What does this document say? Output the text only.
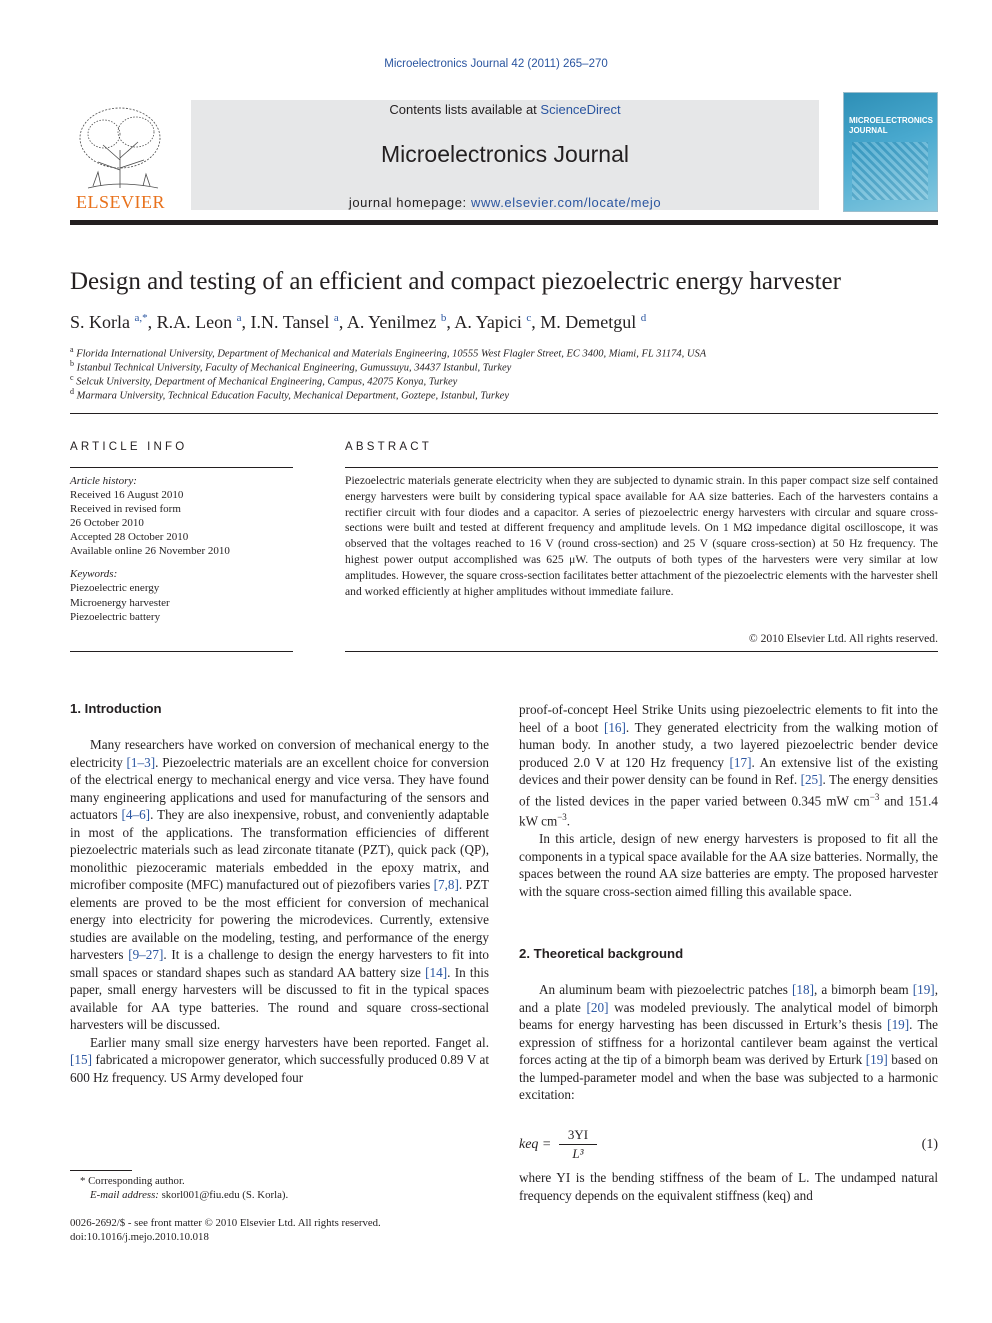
Microelectronics Journal 42 (2011) 265–270
ELSEVIER
Contents lists available at ScienceDirect
Microelectronics Journal
journal homepage: www.elsevier.com/locate/mejo
MICROELECTRONICS
JOURNAL
Design and testing of an efficient and compact piezoelectric energy harvester
S. Korla $^{a,*}$, R.A. Leon $^a$, I.N. Tansel $^a$, A. Yenilmez $^b$, A. Yapici $^c$, M. Demetgul $^d$
$^a$ Florida International University, Department of Mechanical and Materials Engineering, 10555 West Flagler Street, EC 3400, Miami, FL 31174, USA
$^b$ Istanbul Technical University, Faculty of Mechanical Engineering, Gumussuyu, 34437 Istanbul, Turkey
$^c$ Selcuk University, Department of Mechanical Engineering, Campus, 42075 Konya, Turkey
$^d$ Marmara University, Technical Education Faculty, Mechanical Department, Goztepe, Istanbul, Turkey
ARTICLE INFO
Article history:
Received 16 August 2010
Received in revised form
26 October 2010
Accepted 28 October 2010
Available online 26 November 2010
Keywords:
Piezoelectric energy
Microenergy harvester
Piezoelectric battery
ABSTRACT
Piezoelectric materials generate electricity when they are subjected to dynamic strain. In this paper compact size self contained energy harvesters were built by considering typical space available for AA size batteries. Each of the harvesters contains a rectifier circuit with four diodes and a capacitor. A series of piezoelectric energy harvesters with circular and square cross-sections were built and tested at different frequency and amplitude levels. On 1 MΩ impedance digital oscilloscope, it was observed that the voltages reached to 16 V (round cross-section) and 25 V (square cross-section) at 50 Hz frequency. The highest power output accomplished was 625 μW. The outputs of both types of the harvesters were very similar at low amplitudes. However, the square cross-section facilitates better attachment of the piezoelectric elements with the harvester shell and worked efficiently at higher amplitudes without immediate failure.
© 2010 Elsevier Ltd. All rights reserved.
1. Introduction

Many researchers have worked on conversion of mechanical energy to the electricity [1–3]. Piezoelectric materials are an excellent choice for conversion of the electrical energy to mechanical energy and vice versa. They have found many engineering applications and used for manufacturing of the sensors and actuators [4–6]. They are also inexpensive, robust, and conveniently adaptable in most of the applications. The transformation efficiencies of different piezoelectric materials such as lead zirconate titanate (PZT), quick pack (QP), monolithic piezoceramic materials embedded in the epoxy matrix, and microfiber composite (MFC) manufactured out of piezofibers varies [7,8]. PZT elements are proved to be the most efficient for conversion of mechanical energy into electricity for powering the microdevices. Currently, extensive studies are available on the modeling, testing, and performance of the energy harvesters [9–27]. It is a challenge to design the energy harvesters to fit into small spaces or standard shapes such as standard AA battery size [14]. In this paper, small energy harvesters will be discussed to fit in the typical spaces available for AA type batteries. The round and square cross-sectional harvesters will be discussed.

Earlier many small size energy harvesters have been reported. Fanget al. [15] fabricated a micropower generator, which successfully produced 0.89 V at 600 Hz frequency. US Army developed four

proof-of-concept Heel Strike Units using piezoelectric elements to fit into the heel of a boot [16]. They generated electricity from the walking motion of human body. In another study, a two layered piezoelectric bender device produced 2.0 V at 120 Hz frequency [17]. An extensive list of the existing devices and their power density can be found in Ref. [25]. The energy densities of the listed devices in the paper varied between 0.345 mW $cm^{-3}$ and 151.4 kW $cm^{-3}$.

In this article, design of new energy harvesters is proposed to fit all the components in a typical space available for the AA size batteries. Normally, the spaces between the round AA size batteries are empty. The proposed harvester with the square cross-section aimed filling this available space.

2. Theoretical background

An aluminum beam with piezoelectric patches [18], a bimorph beam [19], and a plate [20] was modeled previously. The analytical model of bimorph beams for energy harvesting has been discussed in Erturk’s thesis [19]. The expression of stiffness for a horizontal cantilever beam against the vertical forces acting at the tip of a bimorph beam was derived by Erturk [19] based on the lumped-parameter model and when the base was subjected to a harmonic excitation:

keq = $\frac{3YI}{\text{L³}}$	(1)

where YI is the bending stiffness of the beam of L. The undamped natural frequency depends on the equivalent stiffness (keq) and

* Corresponding author.
E-mail address: skorl001@fiu.edu (S. Korla).
0026-2692/$ - see front matter © 2010 Elsevier Ltd. All rights reserved.
doi:10.1016/j.mejo.2010.10.018
